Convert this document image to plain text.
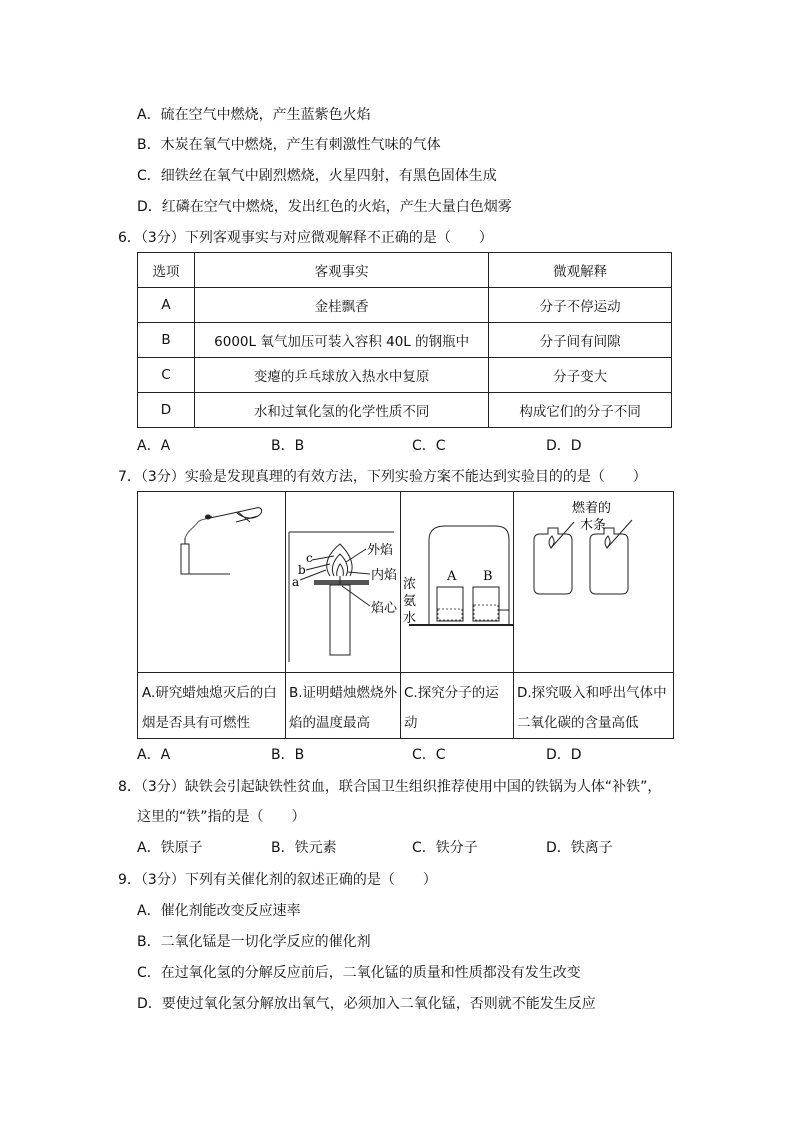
A．硫在空气中燃烧，产生蓝紫色火焰
B．木炭在氧气中燃烧，产生有刺激性气味的气体
C．细铁丝在氧气中剧烈燃烧，火星四射，有黑色固体生成
D．红磷在空气中燃烧，发出红色的火焰，产生大量白色烟雾
6．（3分）下列客观事实与对应微观解释不正确的是（　　）
选项	客观事实	微观解释
A	金桂飘香	分子不停运动
B	6000L 氧气加压可装入容积 40L 的钢瓶中	分子间有间隙
C	变瘪的乒乓球放入热水中复原	分子变大
D	水和过氧化氢的化学性质不同	构成它们的分子不同
A．A	B．B	C．C	D．D
7．（3分）实验是发现真理的有效方法，下列实验方案不能达到实验目的的是（　　）
外焰
内焰
焰心
a
b
c
A B
浓 氨 水
燃着的
木条
A.研究蜡烛熄灭后的白烟是否具有可燃性
B.证明蜡烛燃烧外焰的温度最高
C.探究分子的运动
D.探究吸入和呼出气体中二氧化碳的含量高低
A．A	B．B	C．C	D．D
8．（3分）缺铁会引起缺铁性贫血，联合国卫生组织推荐使用中国的铁锅为人体“补铁”，
这里的“铁”指的是（　　）
A．铁原子	B．铁元素	C．铁分子	D．铁离子
9．（3分）下列有关催化剂的叙述正确的是（　　）
A．催化剂能改变反应速率
B．二氧化锰是一切化学反应的催化剂
C．在过氧化氢的分解反应前后，二氧化锰的质量和性质都没有发生改变
D．要使过氧化氢分解放出氧气，必须加入二氧化锰，否则就不能发生反应
